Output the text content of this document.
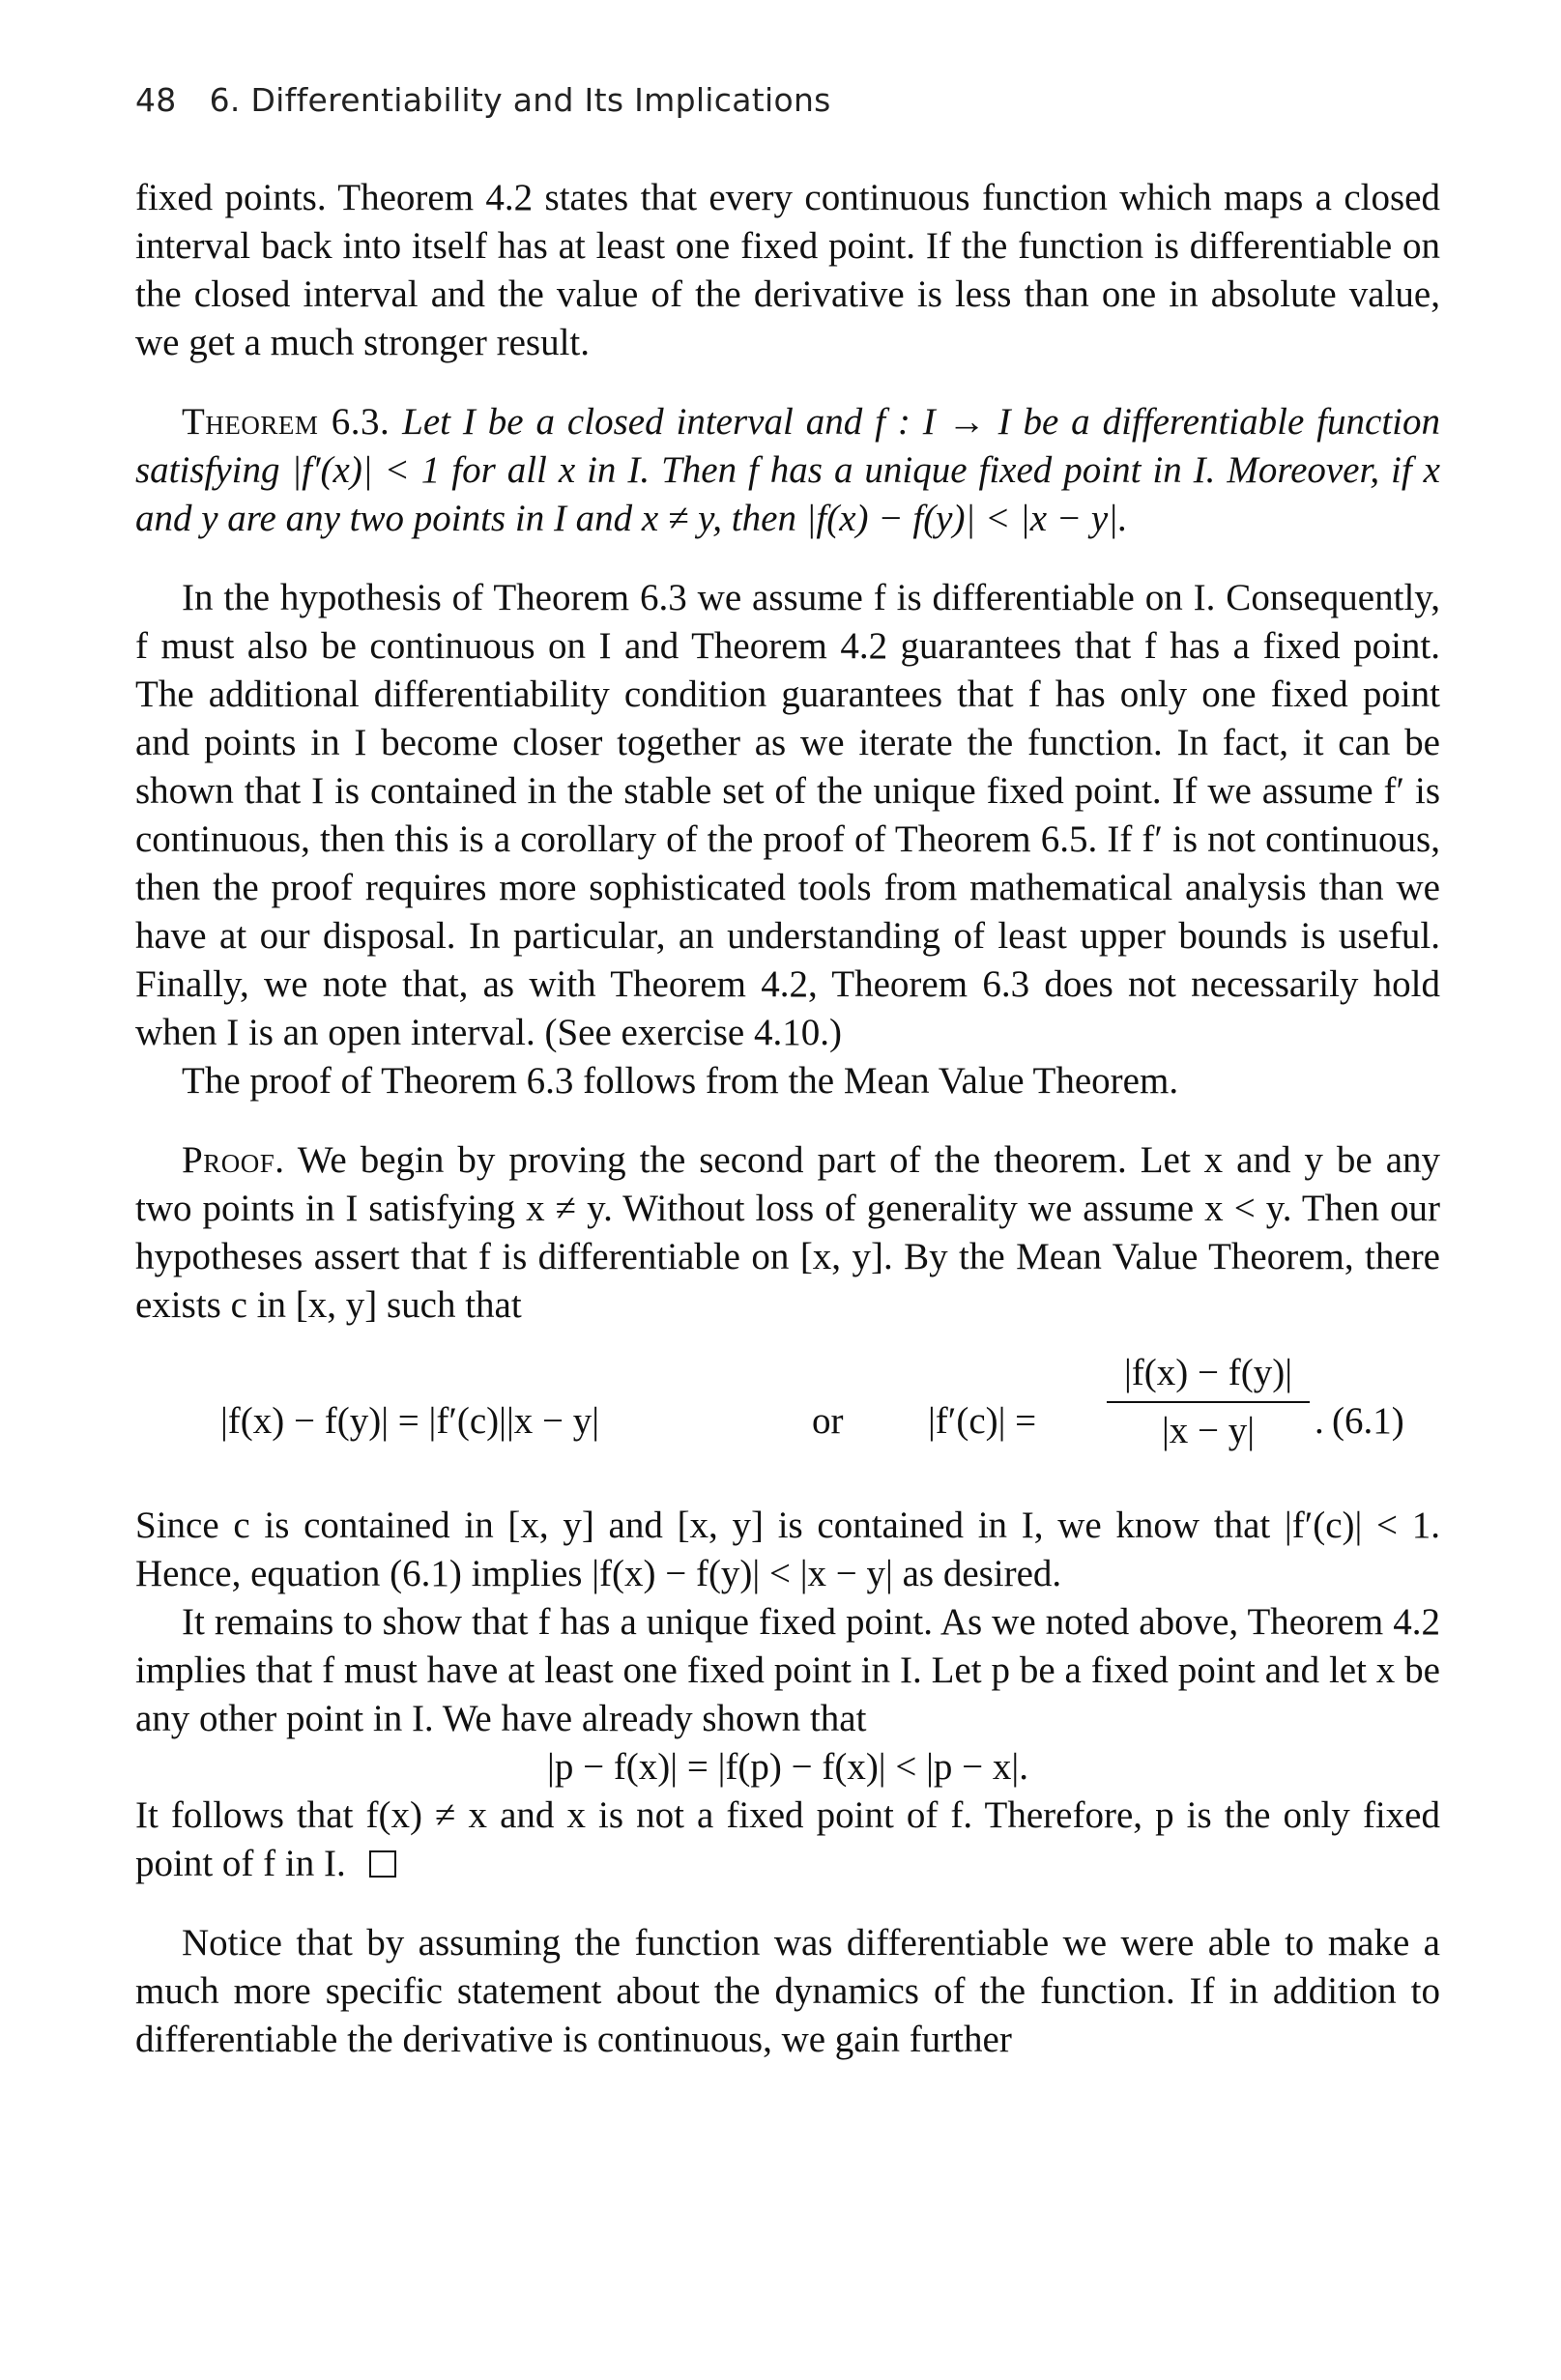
48 6. Differentiability and Its Implications

fixed points. Theorem 4.2 states that every continuous function which maps a closed interval back into itself has at least one fixed point. If the function is differentiable on the closed interval and the value of the derivative is less than one in absolute value, we get a much stronger result.

Theorem 6.3. Let I be a closed interval and f : I → I be a differentiable function satisfying |f′(x)| < 1 for all x in I. Then f has a unique fixed point in I. Moreover, if x and y are any two points in I and x ≠ y, then |f(x) − f(y)| < |x − y|.

In the hypothesis of Theorem 6.3 we assume f is differentiable on I. Consequently, f must also be continuous on I and Theorem 4.2 guarantees that f has a fixed point. The additional differentiability condition guarantees that f has only one fixed point and points in I become closer together as we iterate the function. In fact, it can be shown that I is contained in the stable set of the unique fixed point. If we assume f′ is continuous, then this is a corollary of the proof of Theorem 6.5. If f′ is not continuous, then the proof requires more sophisticated tools from mathematical analysis than we have at our disposal. In particular, an understanding of least upper bounds is useful. Finally, we note that, as with Theorem 4.2, Theorem 6.3 does not necessarily hold when I is an open interval. (See exercise 4.10.)

The proof of Theorem 6.3 follows from the Mean Value Theorem.

Proof. We begin by proving the second part of the theorem. Let x and y be any two points in I satisfying x ≠ y. Without loss of generality we assume x < y. Then our hypotheses assert that f is differentiable on [x, y]. By the Mean Value Theorem, there exists c in [x, y] such that

|f(x) − f(y)| = |f′(c)||x − y|	or $|f'(c)| = \frac{|f(x) - f(y)|}{|x - y|}$ . (6.1)

Since c is contained in [x, y] and [x, y] is contained in I, we know that |f′(c)| < 1. Hence, equation (6.1) implies |f(x) − f(y)| < |x − y| as desired.

It remains to show that f has a unique fixed point. As we noted above, Theorem 4.2 implies that f must have at least one fixed point in I. Let p be a fixed point and let x be any other point in I. We have already shown that

|p − f(x)| = |f(p) − f(x)| < |p − x|.

It follows that f(x) ≠ x and x is not a fixed point of f. Therefore, p is the only fixed point of f in I.

Notice that by assuming the function was differentiable we were able to make a much more specific statement about the dynamics of the function. If in addition to differentiable the derivative is continuous, we gain further
